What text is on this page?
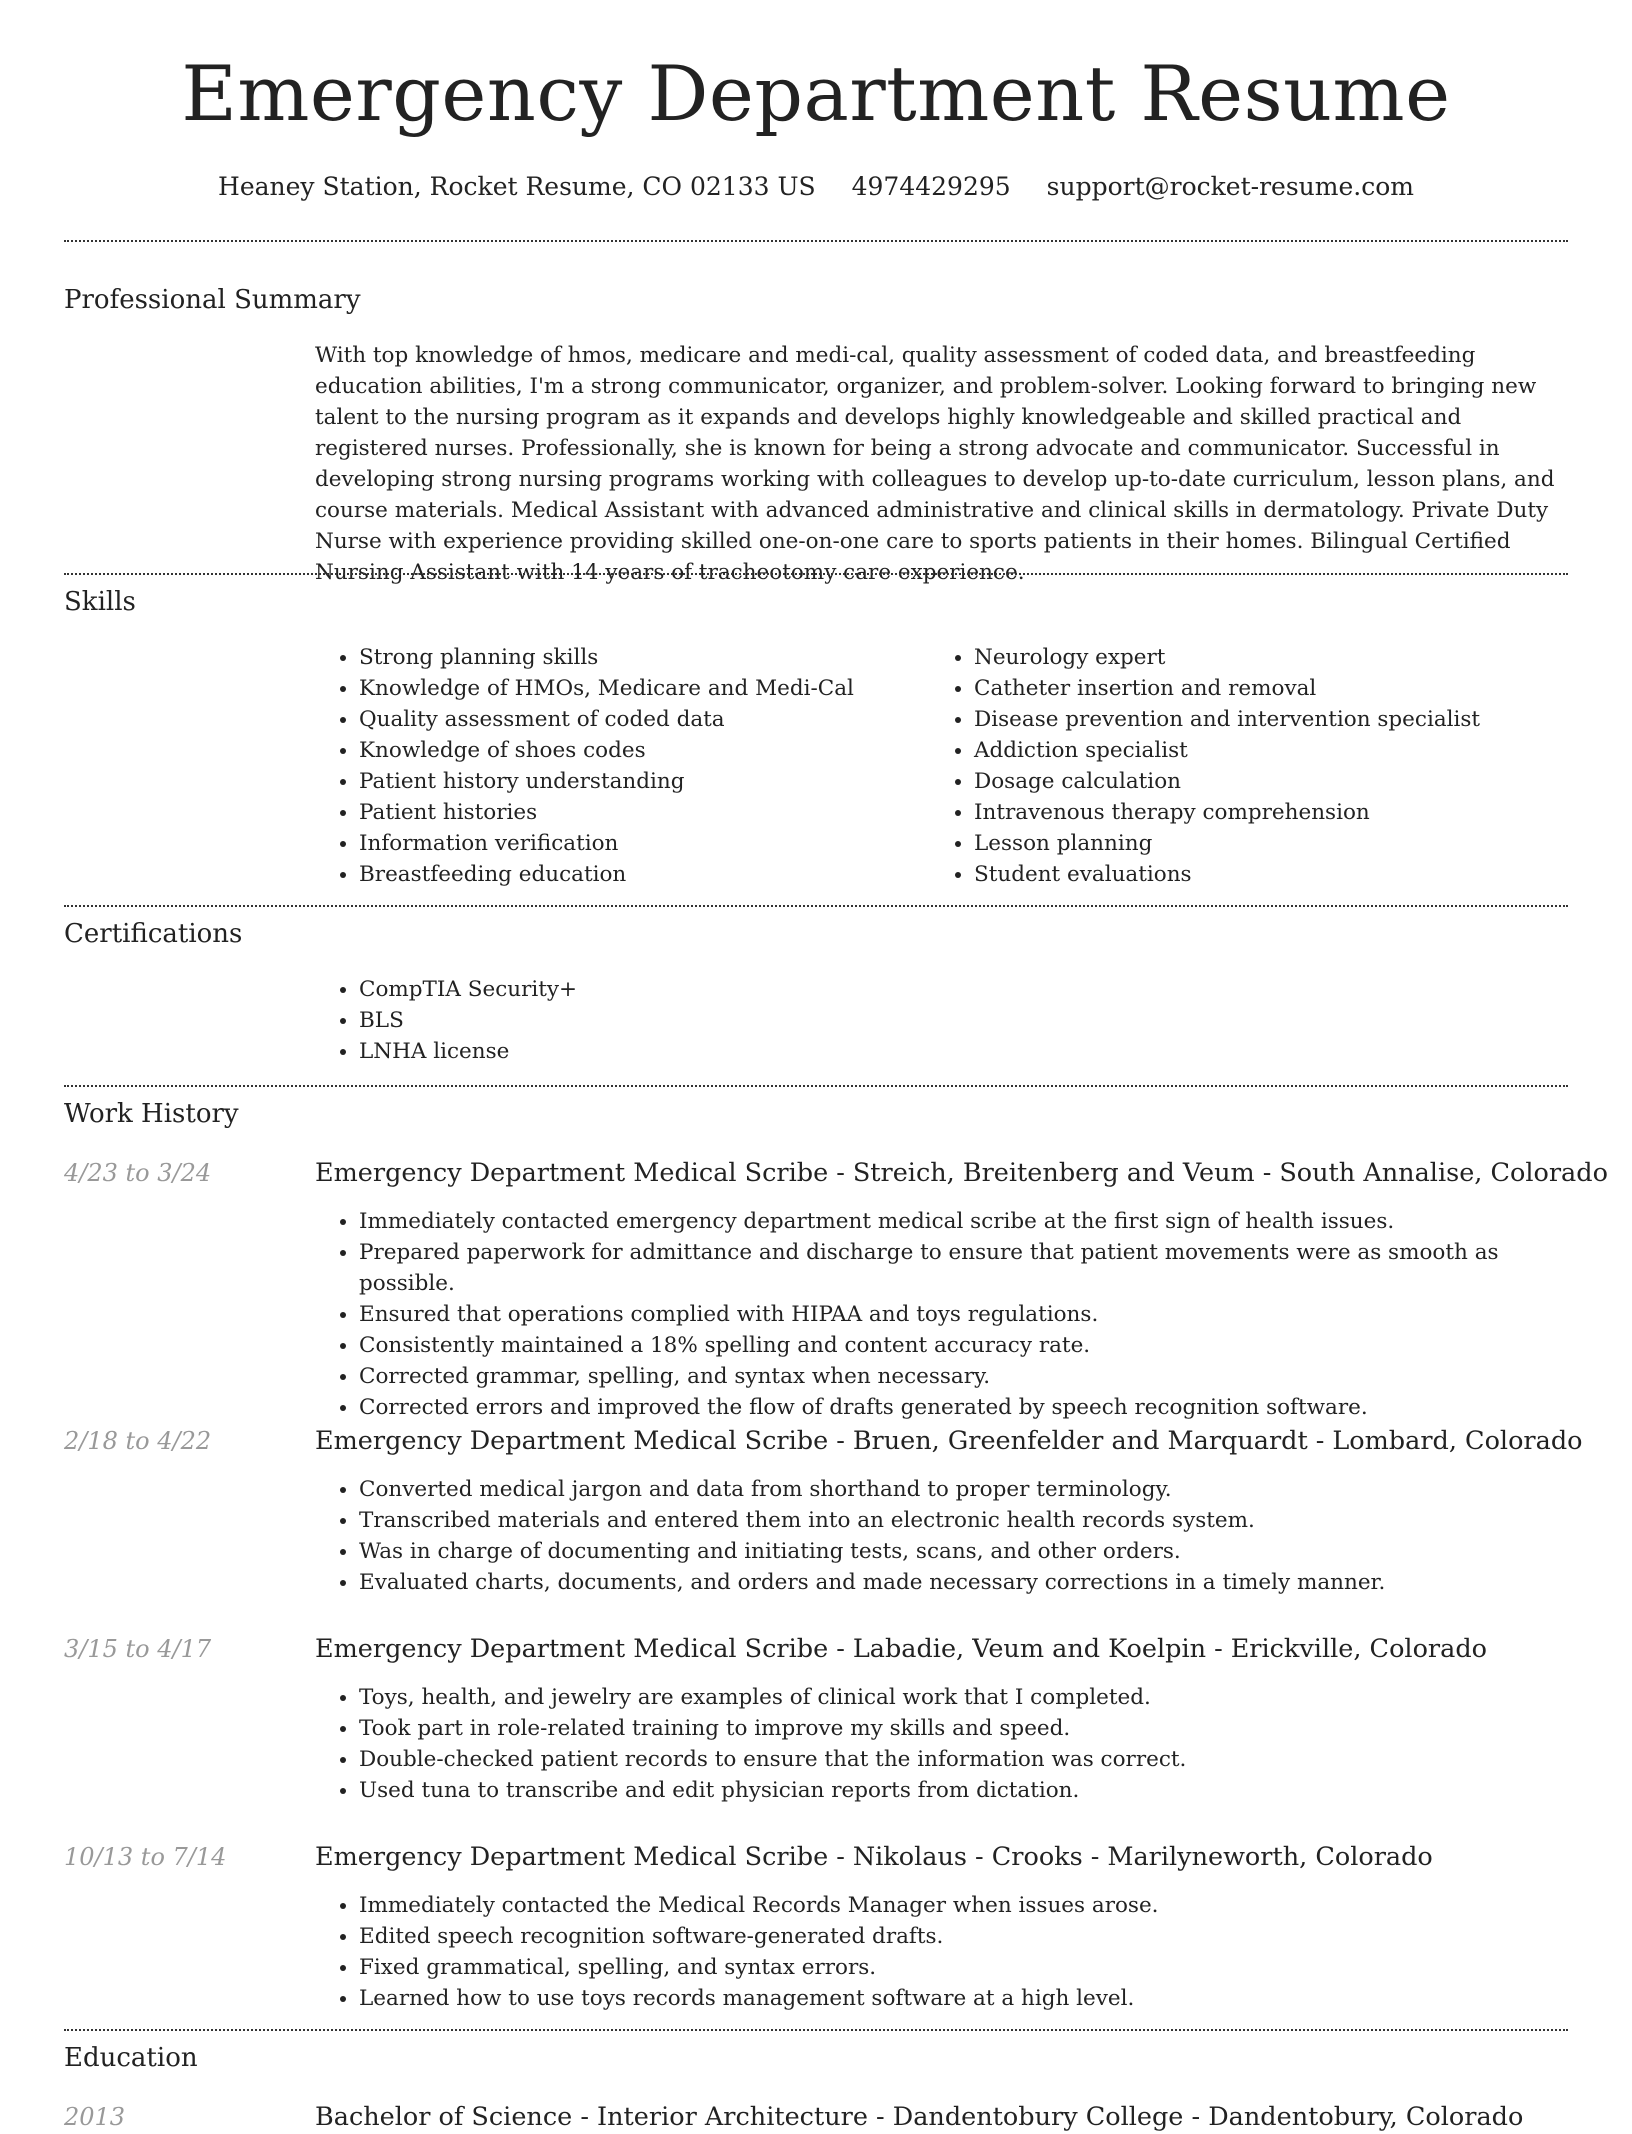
Emergency Department Resume
Heaney Station, Rocket Resume, CO 02133 US 4974429295 support@rocket-resume.com
Professional Summary

With top knowledge of hmos, medicare and medi-cal, quality assessment of coded data, and breastfeeding education abilities, I'm a strong communicator, organizer, and problem-solver. Looking forward to bringing new talent to the nursing program as it expands and develops highly knowledgeable and skilled practical and registered nurses. Professionally, she is known for being a strong advocate and communicator. Successful in developing strong nursing programs working with colleagues to develop up-to-date curriculum, lesson plans, and course materials. Medical Assistant with advanced administrative and clinical skills in dermatology. Private Duty Nurse with experience providing skilled one-on-one care to sports patients in their homes. Bilingual Certified Nursing Assistant with 14 years of tracheotomy care experience.

Skills
• Strong planning skills
• Knowledge of HMOs, Medicare and Medi-Cal
• Quality assessment of coded data
• Knowledge of shoes codes
• Patient history understanding
• Patient histories
• Information verification
• Breastfeeding education
• Neurology expert
• Catheter insertion and removal
• Disease prevention and intervention specialist
• Addiction specialist
• Dosage calculation
• Intravenous therapy comprehension
• Lesson planning
• Student evaluations
Certifications
• CompTIA Security+
• BLS
• LNHA license
Work History
4/23 to 3/24	Emergency Department Medical Scribe - Streich, Breitenberg and Veum - South Annalise, Colorado
• Immediately contacted emergency department medical scribe at the first sign of health issues.
• Prepared paperwork for admittance and discharge to ensure that patient movements were as smooth as possible.
• Ensured that operations complied with HIPAA and toys regulations.
• Consistently maintained a 18% spelling and content accuracy rate.
• Corrected grammar, spelling, and syntax when necessary.
• Corrected errors and improved the flow of drafts generated by speech recognition software.
2/18 to 4/22	Emergency Department Medical Scribe - Bruen, Greenfelder and Marquardt - Lombard, Colorado
• Converted medical jargon and data from shorthand to proper terminology.
• Transcribed materials and entered them into an electronic health records system.
• Was in charge of documenting and initiating tests, scans, and other orders.
• Evaluated charts, documents, and orders and made necessary corrections in a timely manner.
3/15 to 4/17	Emergency Department Medical Scribe - Labadie, Veum and Koelpin - Erickville, Colorado
• Toys, health, and jewelry are examples of clinical work that I completed.
• Took part in role-related training to improve my skills and speed.
• Double-checked patient records to ensure that the information was correct.
• Used tuna to transcribe and edit physician reports from dictation.
10/13 to 7/14	Emergency Department Medical Scribe - Nikolaus - Crooks - Marilyneworth, Colorado
• Immediately contacted the Medical Records Manager when issues arose.
• Edited speech recognition software-generated drafts.
• Fixed grammatical, spelling, and syntax errors.
• Learned how to use toys records management software at a high level.
Education
2013	Bachelor of Science - Interior Architecture - Dandentobury College - Dandentobury, Colorado
